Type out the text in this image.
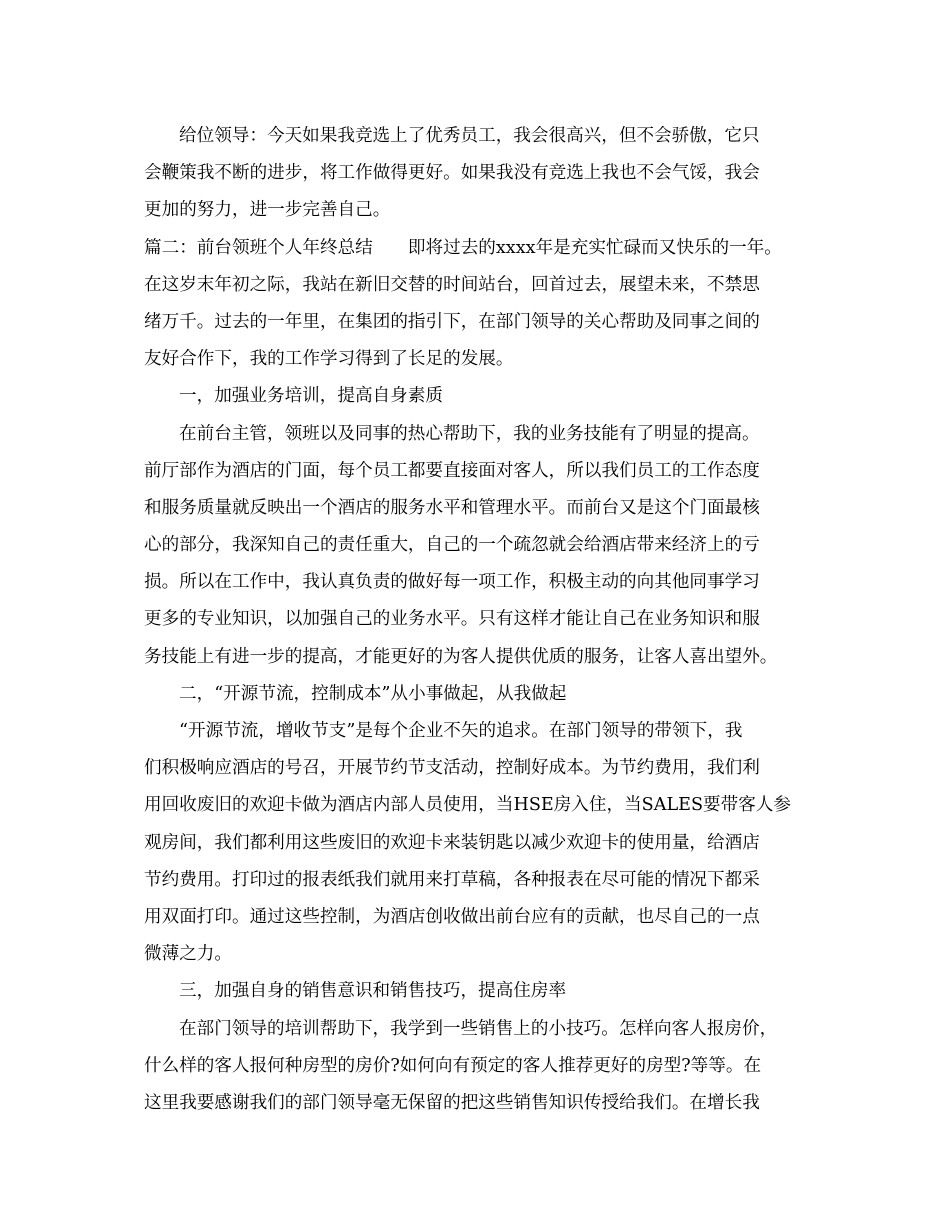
给位领导：今天如果我竞选上了优秀员工，我会很高兴，但不会骄傲，它只
会鞭策我不断的进步，将工作做得更好。如果我没有竞选上我也不会气馁，我会
更加的努力，进一步完善自己。
篇二：前台领班个人年终总结　　即将过去的xxxx年是充实忙碌而又快乐的一年。
在这岁末年初之际，我站在新旧交替的时间站台，回首过去，展望未来，不禁思
绪万千。过去的一年里，在集团的指引下，在部门领导的关心帮助及同事之间的
友好合作下，我的工作学习得到了长足的发展。
一，加强业务培训，提高自身素质
在前台主管，领班以及同事的热心帮助下，我的业务技能有了明显的提高。
前厅部作为酒店的门面，每个员工都要直接面对客人，所以我们员工的工作态度
和服务质量就反映出一个酒店的服务水平和管理水平。而前台又是这个门面最核
心的部分，我深知自己的责任重大，自己的一个疏忽就会给酒店带来经济上的亏
损。所以在工作中，我认真负责的做好每一项工作，积极主动的向其他同事学习
更多的专业知识，以加强自己的业务水平。只有这样才能让自己在业务知识和服
务技能上有进一步的提高，才能更好的为客人提供优质的服务，让客人喜出望外。
二，“开源节流，控制成本”从小事做起，从我做起
“开源节流，增收节支”是每个企业不矢的追求。在部门领导的带领下，我
们积极响应酒店的号召，开展节约节支活动，控制好成本。为节约费用，我们利
用回收废旧的欢迎卡做为酒店内部人员使用，当HSE房入住，当SALES要带客人参
观房间，我们都利用这些废旧的欢迎卡来装钥匙以减少欢迎卡的使用量，给酒店
节约费用。打印过的报表纸我们就用来打草稿，各种报表在尽可能的情况下都采
用双面打印。通过这些控制，为酒店创收做出前台应有的贡献，也尽自己的一点
微薄之力。
三，加强自身的销售意识和销售技巧，提高住房率
在部门领导的培训帮助下，我学到一些销售上的小技巧。怎样向客人报房价，
什么样的客人报何种房型的房价?如何向有预定的客人推荐更好的房型?等等。在
这里我要感谢我们的部门领导毫无保留的把这些销售知识传授给我们。在增长我
